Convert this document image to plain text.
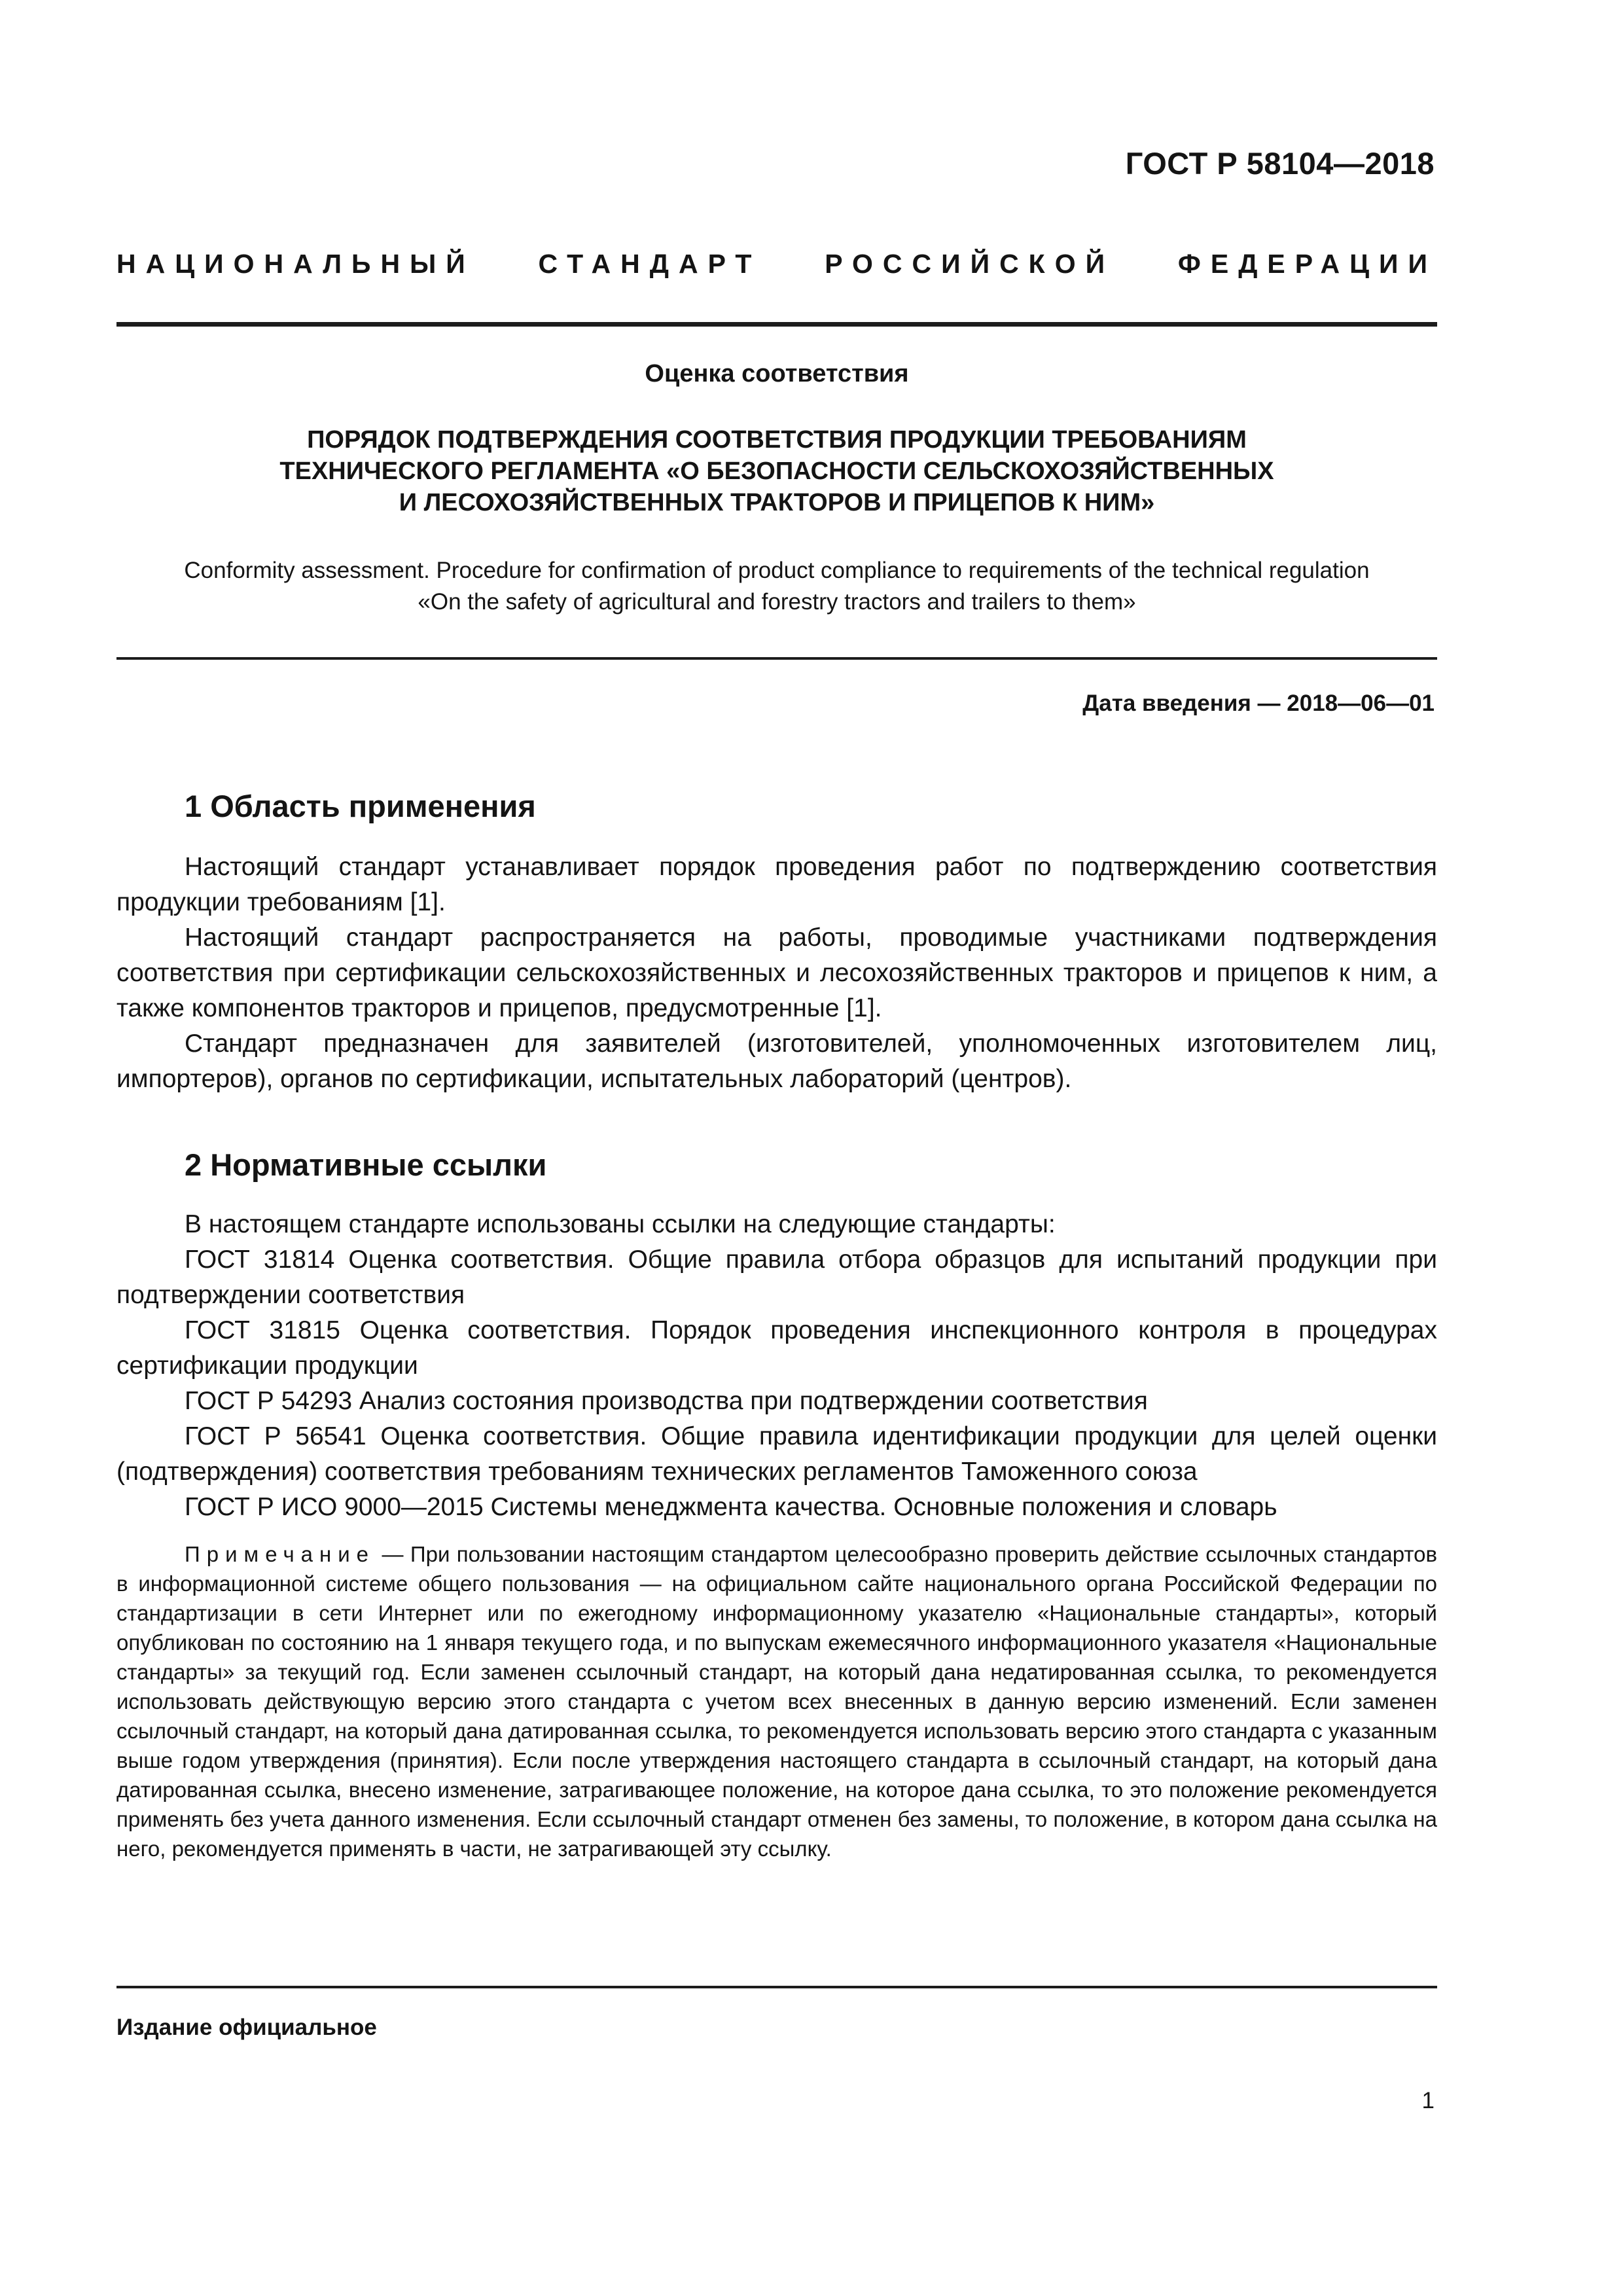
ГОСТ Р 58104—2018
НАЦИОНАЛЬНЫЙ СТАНДАРТ РОССИЙСКОЙ ФЕДЕРАЦИИ
Оценка соответствия
ПОРЯДОК ПОДТВЕРЖДЕНИЯ СООТВЕТСТВИЯ ПРОДУКЦИИ ТРЕБОВАНИЯМ
ТЕХНИЧЕСКОГО РЕГЛАМЕНТА «О БЕЗОПАСНОСТИ СЕЛЬСКОХОЗЯЙСТВЕННЫХ
И ЛЕСОХОЗЯЙСТВЕННЫХ ТРАКТОРОВ И ПРИЦЕПОВ К НИМ»
Conformity assessment. Procedure for confirmation of product compliance to requirements of the technical regulation
«On the safety of agricultural and forestry tractors and trailers to them»
Дата введения — 2018—06—01
1 Область применения

Настоящий стандарт устанавливает порядок проведения работ по подтверждению соответствия продукции требованиям [1].

Настоящий стандарт распространяется на работы, проводимые участниками подтверждения соответствия при сертификации сельскохозяйственных и лесохозяйственных тракторов и прицепов к ним, а также компонентов тракторов и прицепов, предусмотренные [1].

Стандарт предназначен для заявителей (изготовителей, уполномоченных изготовителем лиц, импортеров), органов по сертификации, испытательных лабораторий (центров).

2 Нормативные ссылки

В настоящем стандарте использованы ссылки на следующие стандарты:

ГОСТ 31814 Оценка соответствия. Общие правила отбора образцов для испытаний продукции при подтверждении соответствия

ГОСТ 31815 Оценка соответствия. Порядок проведения инспекционного контроля в процедурах сертификации продукции

ГОСТ Р 54293 Анализ состояния производства при подтверждении соответствия

ГОСТ Р 56541 Оценка соответствия. Общие правила идентификации продукции для целей оценки (подтверждения) соответствия требованиям технических регламентов Таможенного союза

ГОСТ Р ИСО 9000—2015 Системы менеджмента качества. Основные положения и словарь

Примечание — При пользовании настоящим стандартом целесообразно проверить действие ссылочных стандартов в информационной системе общего пользования — на официальном сайте национального органа Российской Федерации по стандартизации в сети Интернет или по ежегодному информационному указателю «Национальные стандарты», который опубликован по состоянию на 1 января текущего года, и по выпускам ежемесячного информационного указателя «Национальные стандарты» за текущий год. Если заменен ссылочный стандарт, на который дана недатированная ссылка, то рекомендуется использовать действующую версию этого стандарта с учетом всех внесенных в данную версию изменений. Если заменен ссылочный стандарт, на который дана датированная ссылка, то рекомендуется использовать версию этого стандарта с указанным выше годом утверждения (принятия). Если после утверждения настоящего стандарта в ссылочный стандарт, на который дана датированная ссылка, внесено изменение, затрагивающее положение, на которое дана ссылка, то это положение рекомендуется применять без учета данного изменения. Если ссылочный стандарт отменен без замены, то положение, в котором дана ссылка на него, рекомендуется применять в части, не затрагивающей эту ссылку.
Издание официальное
1
